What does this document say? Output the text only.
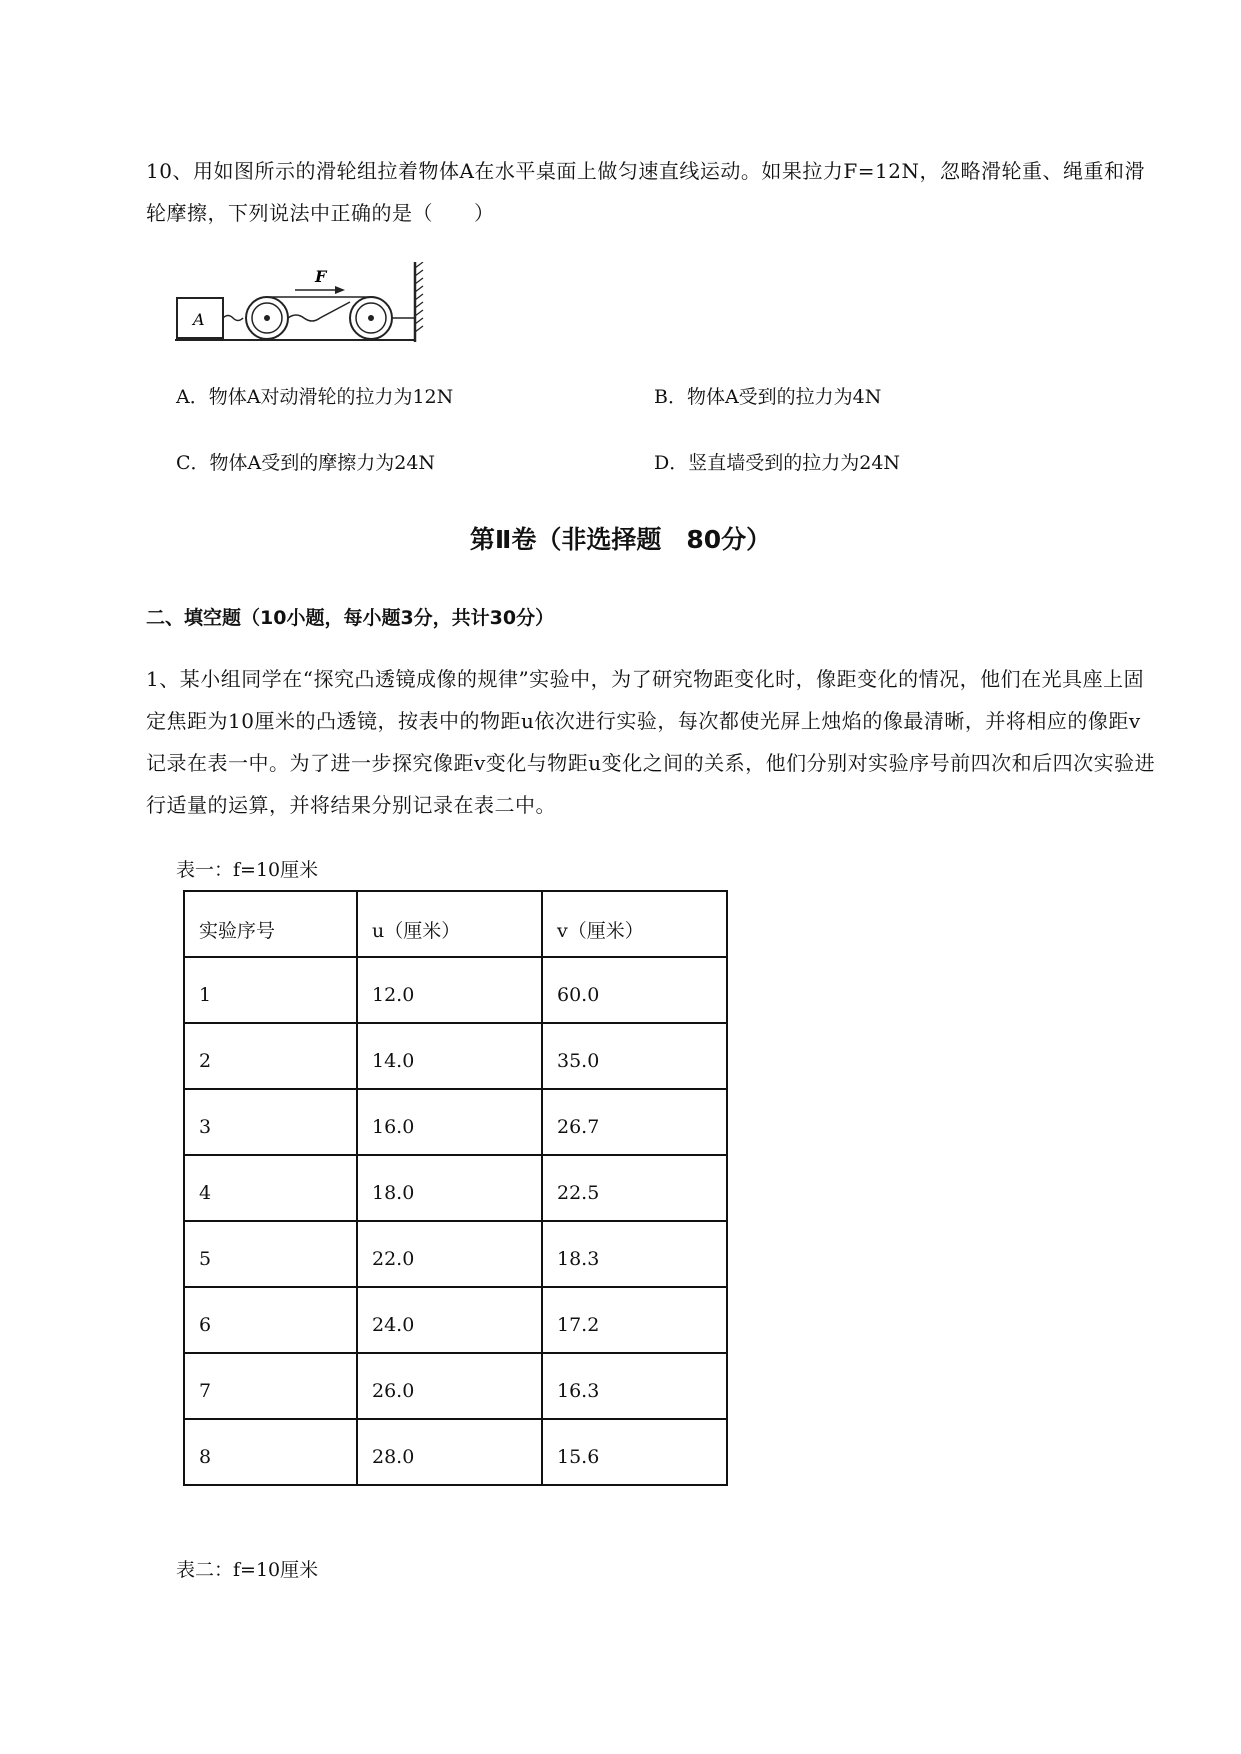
10、用如图所示的滑轮组拉着物体A在水平桌面上做匀速直线运动。如果拉力F=12N，忽略滑轮重、绳重和滑轮摩擦，下列说法中正确的是（　　）
A
F
A．物体A对动滑轮的拉力为12N	B．物体A受到的拉力为4N
C．物体A受到的摩擦力为24N	D．竖直墙受到的拉力为24N
第Ⅱ卷（非选择题　80分）
二、填空题（10小题，每小题3分，共计30分）
1、某小组同学在“探究凸透镜成像的规律”实验中，为了研究物距变化时，像距变化的情况，他们在光具座上固定焦距为10厘米的凸透镜，按表中的物距u依次进行实验，每次都使光屏上烛焰的像最清晰，并将相应的像距v记录在表一中。为了进一步探究像距v变化与物距u变化之间的关系，他们分别对实验序号前四次和后四次实验进行适量的运算，并将结果分别记录在表二中。
表一：f=10厘米
实验序号	u（厘米）	v（厘米）
1	12.0	60.0
2	14.0	35.0
3	16.0	26.7
4	18.0	22.5
5	22.0	18.3
6	24.0	17.2
7	26.0	16.3
8	28.0	15.6
表二：f=10厘米
